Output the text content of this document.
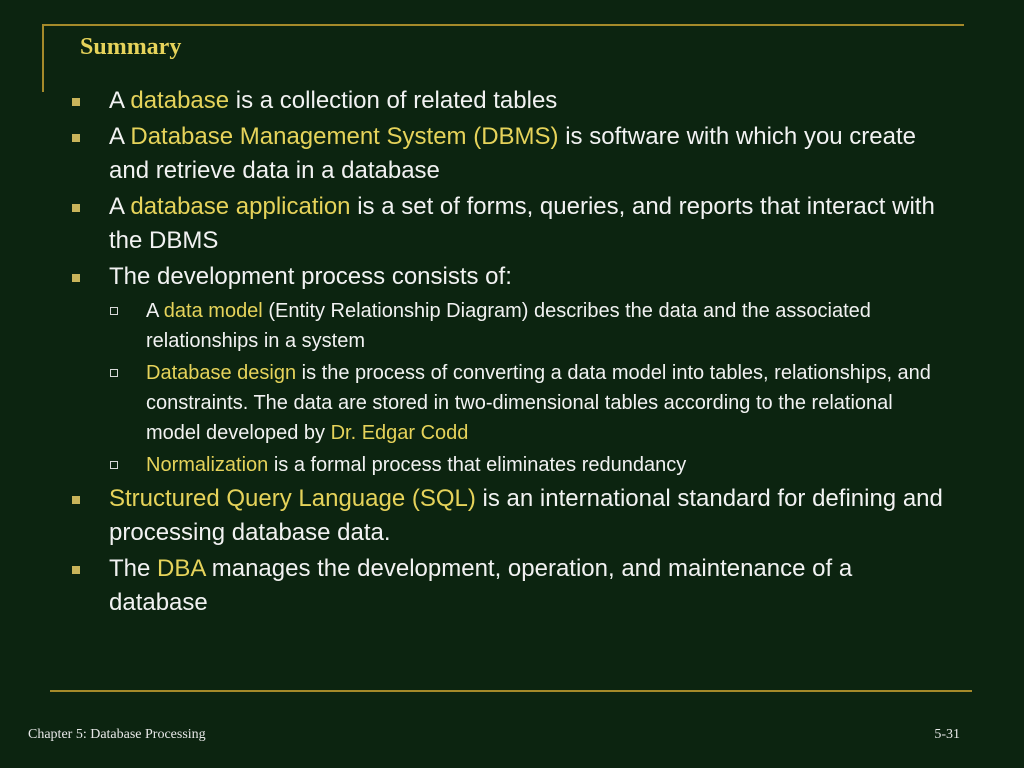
Summary
A database is a collection of related tables
A Database Management System (DBMS) is software with which you create and retrieve data in a database
A database application is a set of forms, queries, and reports that interact with the DBMS
The development process consists of:
A data model (Entity Relationship Diagram) describes the data and the associated relationships in a system
Database design is the process of converting a data model into tables, relationships, and constraints. The data are stored in two-dimensional tables according to the relational model developed by Dr. Edgar Codd
Normalization is a formal process that eliminates redundancy
Structured Query Language (SQL) is an international standard for defining and processing database data.
The DBA manages the development, operation, and maintenance of a database
Chapter 5: Database Processing	5-31
